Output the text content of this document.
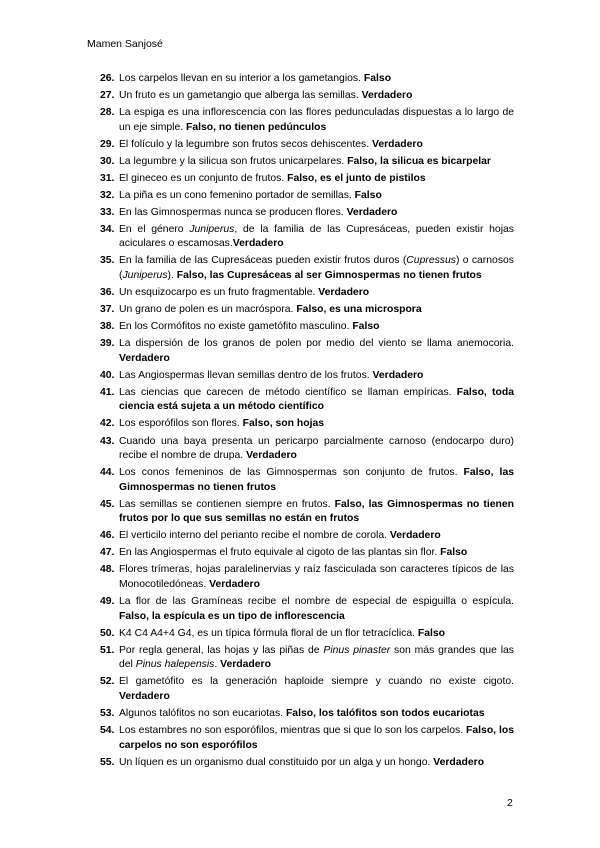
Mamen Sanjosé
26. Los carpelos llevan en su interior a los gametangios. Falso
27. Un fruto es un gametangio que alberga las semillas. Verdadero
28. La espiga es una inflorescencia con las flores pedunculadas dispuestas a lo largo de un eje simple. Falso, no tienen pedúnculos
29. El folículo y la legumbre son frutos secos dehiscentes. Verdadero
30. La legumbre y la silicua son frutos unicarpelares. Falso, la silicua es bicarpelar
31. El gineceo es un conjunto de frutos. Falso, es el junto de pistilos
32. La piña es un cono femenino portador de semillas. Falso
33. En las Gimnospermas nunca se producen flores. Verdadero
34. En el género Juniperus, de la familia de las Cupresáceas, pueden existir hojas aciculares o escamosas.Verdadero
35. En la familia de las Cupresáceas pueden existir frutos duros (Cupressus) o carnosos (Juniperus). Falso, las Cupresáceas al ser Gimnospermas no tienen frutos
36. Un esquizocarpo es un fruto fragmentable. Verdadero
37. Un grano de polen es un macróspora. Falso, es una microspora
38. En los Cormófitos no existe gametófito masculino. Falso
39. La dispersión de los granos de polen por medio del viento se llama anemocoria. Verdadero
40. Las Angiospermas llevan semillas dentro de los frutos. Verdadero
41. Las ciencias que carecen de método científico se llaman empíricas. Falso, toda ciencia está sujeta a un método científico
42. Los esporófilos son flores. Falso, son hojas
43. Cuando una baya presenta un pericarpo parcialmente carnoso (endocarpo duro) recibe el nombre de drupa. Verdadero
44. Los conos femeninos de las Gimnospermas son conjunto de frutos. Falso, las Gimnospermas no tienen frutos
45. Las semillas se contienen siempre en frutos. Falso, las Gimnospermas no tienen frutos por lo que sus semillas no están en frutos
46. El verticilo interno del perianto recibe el nombre de corola. Verdadero
47. En las Angiospermas el fruto equivale al cigoto de las plantas sin flor. Falso
48. Flores trímeras, hojas paralelinervias y raíz fasciculada son caracteres típicos de las Monocotiledóneas. Verdadero
49. La flor de las Gramíneas recibe el nombre de especial de espiguilla o espícula. Falso, la espícula es un tipo de inflorescencia
50. K4 C4 A4+4 G4, es un típica fórmula floral de un flor tetracíclica. Falso
51. Por regla general, las hojas y las piñas de Pinus pinaster son más grandes que las del Pinus halepensis. Verdadero
52. El gametófito es la generación haploide siempre y cuando no existe cigoto. Verdadero
53. Algunos talófitos no son eucariotas. Falso, los talófitos son todos eucariotas
54. Los estambres no son esporófilos, mientras que si que lo son los carpelos. Falso, los carpelos no son esporófilos
55. Un líquen es un organismo dual constituido por un alga y un hongo. Verdadero
2
